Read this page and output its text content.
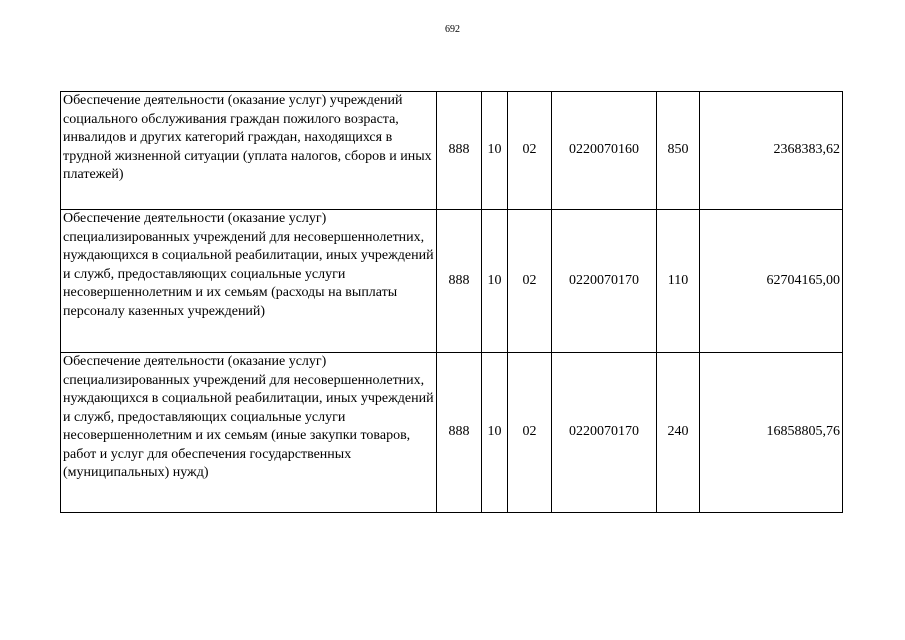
692
Обеспечение деятельности (оказание услуг) учреждений социального обслуживания граждан пожилого возраста, инвалидов и других категорий граждан, находящихся в трудной жизненной ситуации (уплата налогов, сборов и иных платежей)	888	10	02	0220070160	850	2368383,62
Обеспечение деятельности (оказание услуг) специализированных учреждений для несовершеннолетних, нуждающихся в социальной реабилитации, иных учреждений и служб, предоставляющих социальные услуги несовершеннолетним и их семьям (расходы на выплаты персоналу казенных учреждений)	888	10	02	0220070170	110	62704165,00
Обеспечение деятельности (оказание услуг) специализированных учреждений для несовершеннолетних, нуждающихся в социальной реабилитации, иных учреждений и служб, предоставляющих социальные услуги несовершеннолетним и их семьям (иные закупки товаров, работ и услуг для обеспечения государственных (муниципальных) нужд)	888	10	02	0220070170	240	16858805,76
